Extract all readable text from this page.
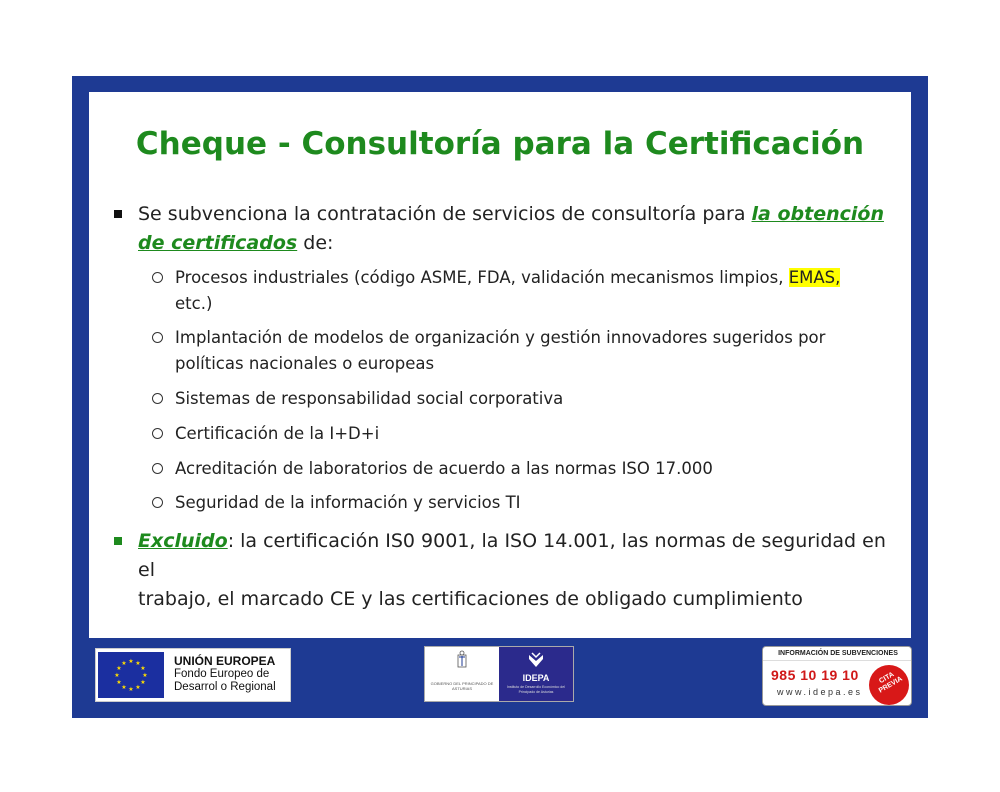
Cheque - Consultoría para la Certificación
Se subvenciona la contratación de servicios de consultoría para la obtención
de certificados de:
Procesos industriales (código ASME, FDA, validación mecanismos limpios, EMAS,
etc.)
Implantación de modelos de organización y gestión innovadores sugeridos por
políticas nacionales o europeas
Sistemas de responsabilidad social corporativa
Certificación de la I+D+i
Acreditación de laboratorios de acuerdo a las normas ISO 17.000
Seguridad de la información y servicios TI
Excluido: la certificación IS0 9001, la ISO 14.001, las normas de seguridad en el
trabajo, el marcado CE y las certificaciones de obligado cumplimiento
★ ★
★
★
★
★
★
★
★
★
★
★	UNIÓN EUROPEA
Fondo Europeo de
Desarrol o Regional	GOBIERNO DEL PRINCIPADO DE ASTURIAS
IDEPA
Instituto de Desarrollo Económico del Principado de Asturias
INFORMACIÓN DE SUBVENCIONES
985 10 19 10
www.idepa.es
CITA PREVIA
